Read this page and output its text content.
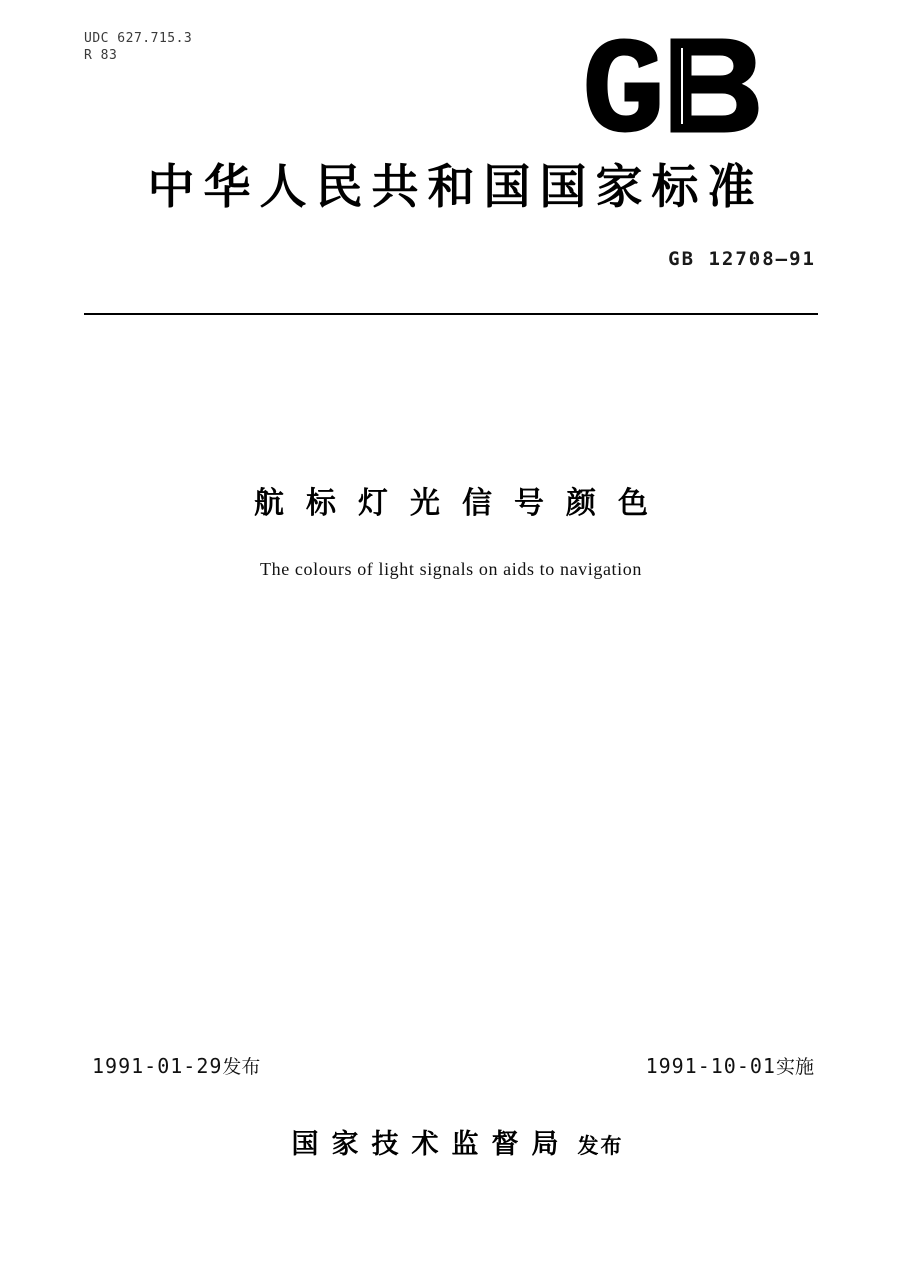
UDC 627.715.3
R 83
中华人民共和国国家标准
GB 12708—91
航标灯光信号颜色
The colours of light signals on aids to navigation
1991-01-29发布	1991-10-01实施
国家技术监督局 发布
